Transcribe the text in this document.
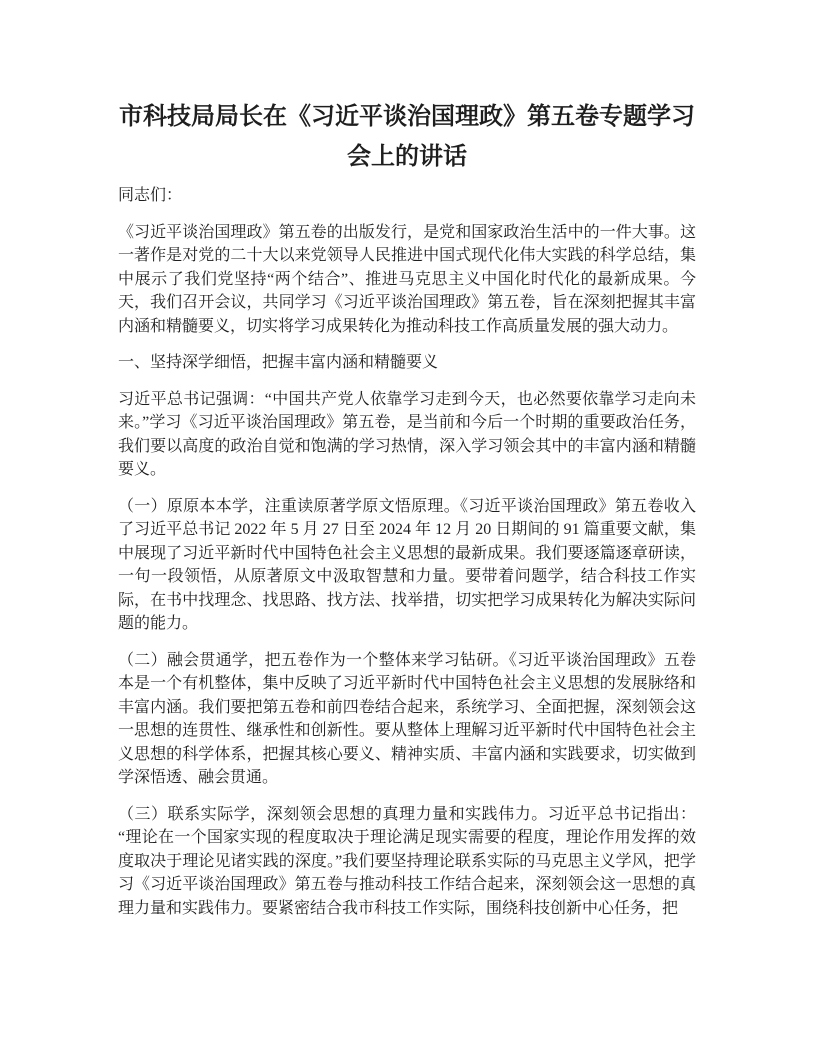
市科技局局长在《习近平谈治国理政》第五卷专题学习会上的讲话

同志们：

《习近平谈治国理政》第五卷的出版发行，是党和国家政治生活中的一件大事。这一著作是对党的二十大以来党领导人民推进中国式现代化伟大实践的科学总结，集中展示了我们党坚持“两个结合”、推进马克思主义中国化时代化的最新成果。今天，我们召开会议，共同学习《习近平谈治国理政》第五卷，旨在深刻把握其丰富内涵和精髓要义，切实将学习成果转化为推动科技工作高质量发展的强大动力。

一、坚持深学细悟，把握丰富内涵和精髓要义

习近平总书记强调：“中国共产党人依靠学习走到今天，也必然要依靠学习走向未来。”学习《习近平谈治国理政》第五卷，是当前和今后一个时期的重要政治任务，我们要以高度的政治自觉和饱满的学习热情，深入学习领会其中的丰富内涵和精髓要义。

（一）原原本本学，注重读原著学原文悟原理。《习近平谈治国理政》第五卷收入了习近平总书记 2022 年 5 月 27 日至 2024 年 12 月 20 日期间的 91 篇重要文献，集中展现了习近平新时代中国特色社会主义思想的最新成果。我们要逐篇逐章研读，一句一段领悟，从原著原文中汲取智慧和力量。要带着问题学，结合科技工作实际，在书中找理念、找思路、找方法、找举措，切实把学习成果转化为解决实际问题的能力。

（二）融会贯通学，把五卷作为一个整体来学习钻研。《习近平谈治国理政》五卷本是一个有机整体，集中反映了习近平新时代中国特色社会主义思想的发展脉络和丰富内涵。我们要把第五卷和前四卷结合起来，系统学习、全面把握，深刻领会这一思想的连贯性、继承性和创新性。要从整体上理解习近平新时代中国特色社会主义思想的科学体系，把握其核心要义、精神实质、丰富内涵和实践要求，切实做到学深悟透、融会贯通。

（三）联系实际学，深刻领会思想的真理力量和实践伟力。习近平总书记指出：“理论在一个国家实现的程度取决于理论满足现实需要的程度，理论作用发挥的效度取决于理论见诸实践的深度。”我们要坚持理论联系实际的马克思主义学风，把学习《习近平谈治国理政》第五卷与推动科技工作结合起来，深刻领会这一思想的真理力量和实践伟力。要紧密结合我市科技工作实际，围绕科技创新中心任务，把
